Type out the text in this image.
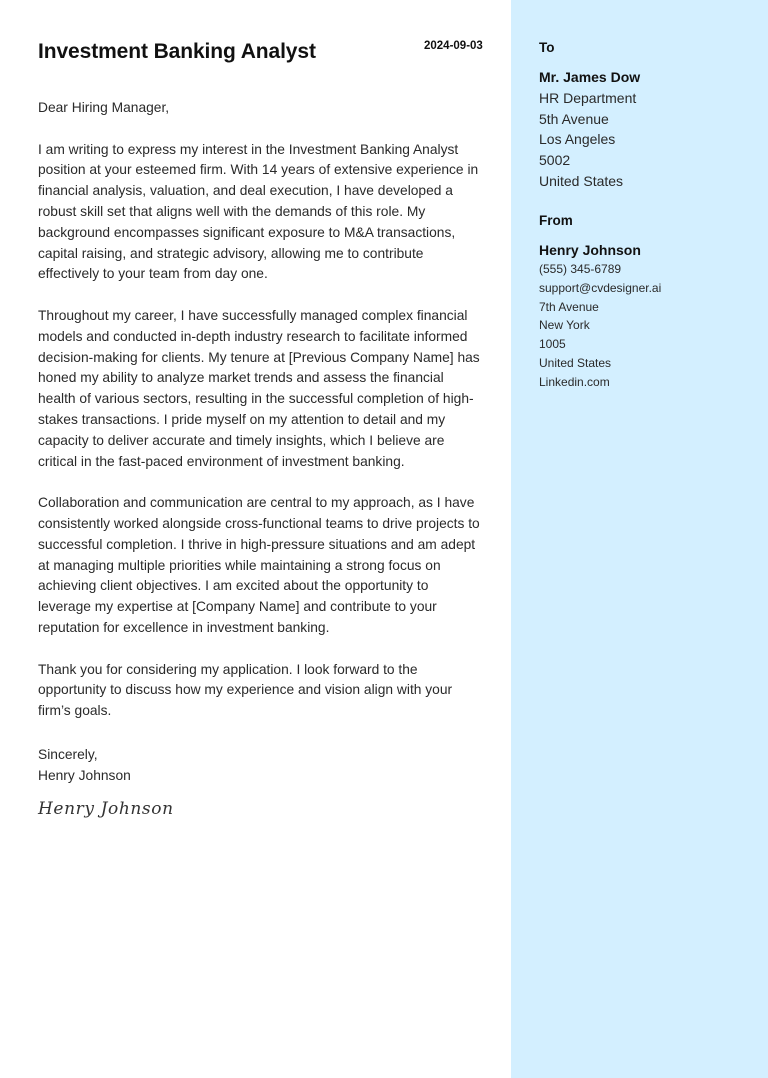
Investment Banking Analyst	2024-09-03

Dear Hiring Manager,

I am writing to express my interest in the Investment Banking Analyst position at your esteemed firm. With 14 years of extensive experience in financial analysis, valuation, and deal execution, I have developed a robust skill set that aligns well with the demands of this role. My background encompasses significant exposure to M&A transactions, capital raising, and strategic advisory, allowing me to contribute effectively to your team from day one.

Throughout my career, I have successfully managed complex financial models and conducted in-depth industry research to facilitate informed decision-making for clients. My tenure at [Previous Company Name] has honed my ability to analyze market trends and assess the financial health of various sectors, resulting in the successful completion of high-stakes transactions. I pride myself on my attention to detail and my capacity to deliver accurate and timely insights, which I believe are critical in the fast-paced environment of investment banking.

Collaboration and communication are central to my approach, as I have consistently worked alongside cross-functional teams to drive projects to successful completion. I thrive in high-pressure situations and am adept at managing multiple priorities while maintaining a strong focus on achieving client objectives. I am excited about the opportunity to leverage my expertise at [Company Name] and contribute to your reputation for excellence in investment banking.

Thank you for considering my application. I look forward to the opportunity to discuss how my experience and vision align with your firm’s goals.

Sincerely,
Henry Johnson
Henry Johnson
To
Mr. James Dow
HR Department
5th Avenue
Los Angeles
5002
United States
From
Henry Johnson
(555) 345-6789
support@cvdesigner.ai
7th Avenue
New York
1005
United States
Linkedin.com
